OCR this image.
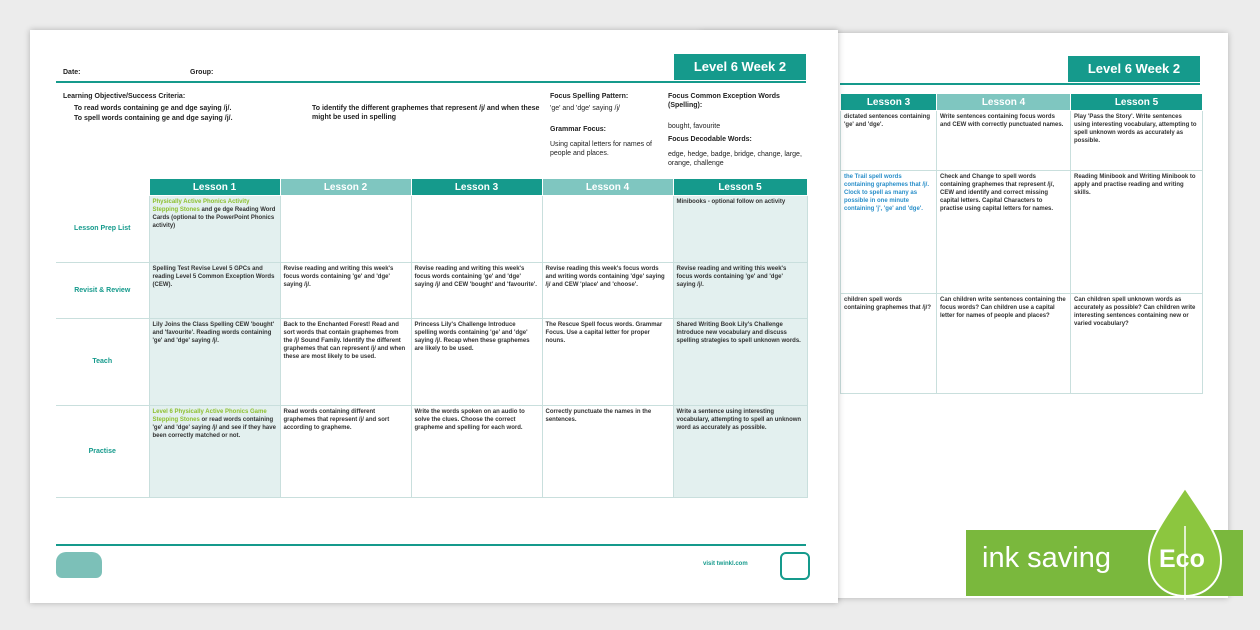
Level 6 Week 2
Lesson 3	Lesson 4	Lesson 5
dictated sentences containing 'ge' and 'dge'.	Write sentences containing focus words and CEW with correctly punctuated names.	Play 'Pass the Story'. Write sentences using interesting vocabulary, attempting to spell unknown words as accurately as possible.
the Trail spell words containing graphemes that /j/. Clock to spell as many as possible in one minute containing 'j', 'ge' and 'dge'.	Check and Change to spell words containing graphemes that represent /j/, CEW and identify and correct missing capital letters. Capital Characters to practise using capital letters for names.	Reading Minibook and Writing Minibook to apply and practise reading and writing skills.
children spell words containing graphemes that /j/?	Can children write sentences containing the focus words? Can children use a capital letter for names of people and places?	Can children spell unknown words as accurately as possible? Can children write interesting sentences containing new or varied vocabulary?
Date:	Group:	Level 6 Week 2
Learning Objective/Success Criteria:
To read words containing ge and dge saying /j/.
To spell words containing ge and dge saying /j/.
To identify the different graphemes that represent /j/ and when these might be used in spelling
Focus Spelling Pattern:
'ge' and 'dge' saying /j/
Grammar Focus:
Using capital letters for names of people and places.
Focus Common Exception Words (Spelling):
bought, favourite
Focus Decodable Words:
edge, hedge, badge, bridge, change, large, orange, challenge
	Lesson 1	Lesson 2	Lesson 3	Lesson 4	Lesson 5
Lesson Prep List	Physically Active Phonics Activity Stepping Stones and ge dge Reading Word Cards (optional to the PowerPoint Phonics activity)				Minibooks - optional follow on activity
Revisit & Review	Spelling Test Revise Level 5 GPCs and reading Level 5 Common Exception Words (CEW).	Revise reading and writing this week's focus words containing 'ge' and 'dge' saying /j/.	Revise reading and writing this week's focus words containing 'ge' and 'dge' saying /j/ and CEW 'bought' and 'favourite'.	Revise reading this week's focus words and writing words containing 'dge' saying /j/ and CEW 'place' and 'choose'.	Revise reading and writing this week's focus words containing 'ge' and 'dge' saying /j/.
Teach	Lily Joins the Class Spelling CEW 'bought' and 'favourite'. Reading words containing 'ge' and 'dge' saying /j/.	Back to the Enchanted Forest! Read and sort words that contain graphemes from the /j/ Sound Family. Identify the different graphemes that can represent /j/ and when these are most likely to be used.	Princess Lily's Challenge Introduce spelling words containing 'ge' and 'dge' saying /j/. Recap when these graphemes are likely to be used.	The Rescue Spell focus words. Grammar Focus. Use a capital letter for proper nouns.	Shared Writing Book Lily's Challenge Introduce new vocabulary and discuss spelling strategies to spell unknown words.
Practise	Level 6 Physically Active Phonics Game Stepping Stones or read words containing 'ge' and 'dge' saying /j/ and see if they have been correctly matched or not.	Read words containing different graphemes that represent /j/ and sort according to grapheme.	Write the words spoken on an audio to solve the clues. Choose the correct grapheme and spelling for each word.	Correctly punctuate the names in the sentences.	Write a sentence using interesting vocabulary, attempting to spell an unknown word as accurately as possible.
visit twinkl.com	ink saving Eco
